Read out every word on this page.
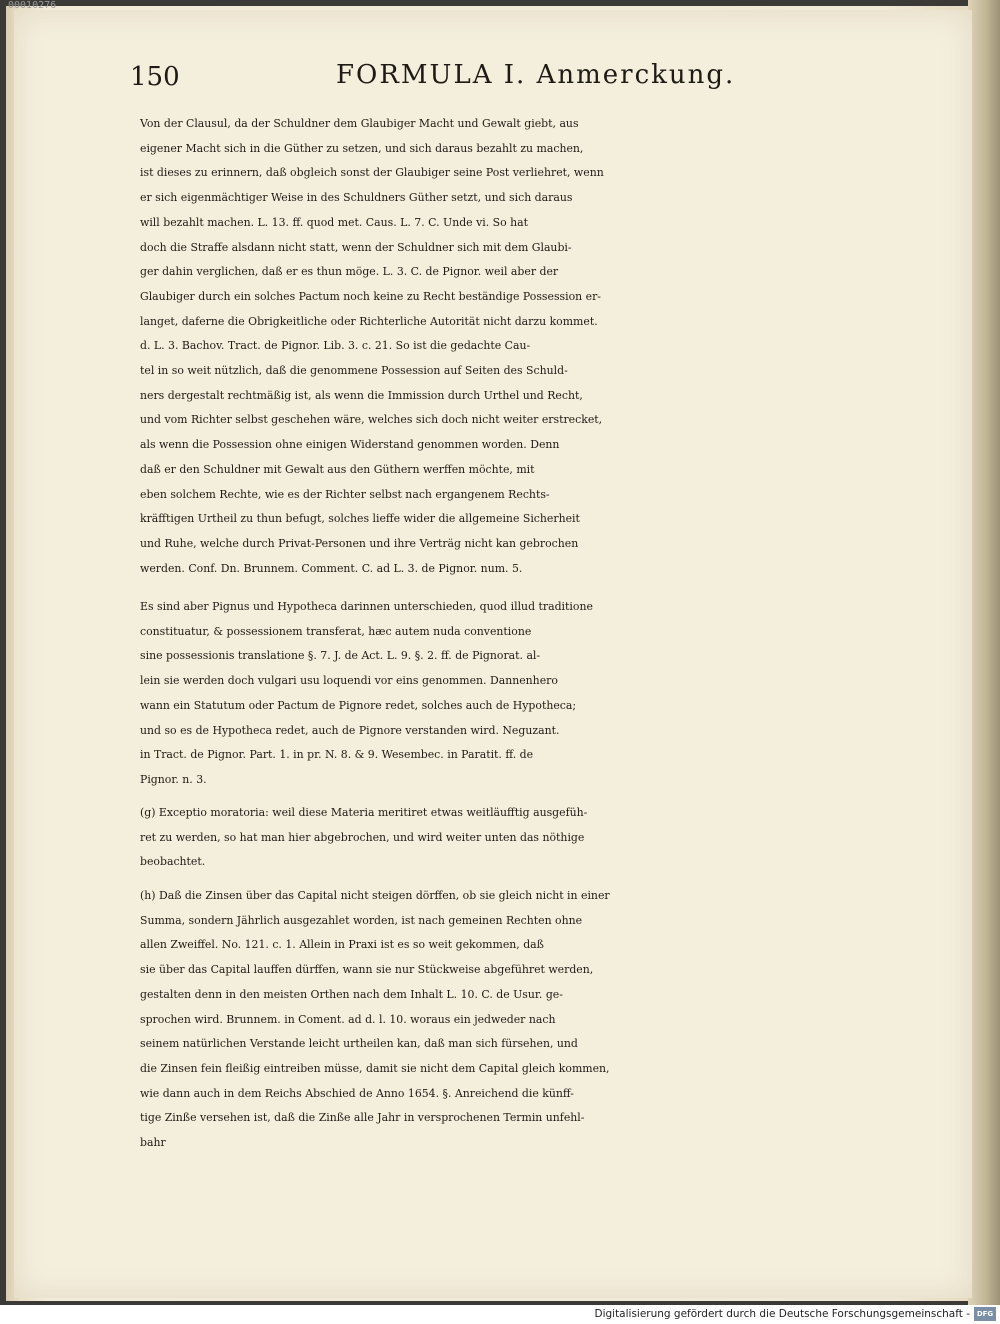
00010276
150	FORMULA I. Anmerckung.
Von der Clausul, da der Schuldner dem Glaubiger Macht und Gewalt giebt, aus
eigener Macht sich in die Güther zu setzen, und sich daraus bezahlt zu machen,
ist dieses zu erinnern, daß obgleich sonst der Glaubiger seine Post verliehret, wenn
er sich eigenmächtiger Weise in des Schuldners Güther setzt, und sich daraus
will bezahlt machen. L. 13. ff. quod met. Caus. L. 7. C. Unde vi. So hat
doch die Straffe alsdann nicht statt, wenn der Schuldner sich mit dem Glaubi-
ger dahin verglichen, daß er es thun möge. L. 3. C. de Pignor. weil aber der
Glaubiger durch ein solches Pactum noch keine zu Recht beständige Possession er-
langet, daferne die Obrigkeitliche oder Richterliche Autorität nicht darzu kommet.
d. L. 3. Bachov. Tract. de Pignor. Lib. 3. c. 21. So ist die gedachte Cau-
tel in so weit nützlich, daß die genommene Possession auf Seiten des Schuld-
ners dergestalt rechtmäßig ist, als wenn die Immission durch Urthel und Recht,
und vom Richter selbst geschehen wäre, welches sich doch nicht weiter erstrecket,
als wenn die Possession ohne einigen Widerstand genommen worden. Denn
daß er den Schuldner mit Gewalt aus den Güthern werffen möchte, mit
eben solchem Rechte, wie es der Richter selbst nach ergangenem Rechts-
kräfftigen Urtheil zu thun befugt, solches lieffe wider die allgemeine Sicherheit
und Ruhe, welche durch Privat-Personen und ihre Verträg nicht kan gebrochen
werden. Conf. Dn. Brunnem. Comment. C. ad L. 3. de Pignor. num. 5.
Es sind aber Pignus und Hypotheca darinnen unterschieden, quod illud traditione
constituatur, & possessionem transferat, hæc autem nuda conventione
sine possessionis translatione §. 7. J. de Act. L. 9. §. 2. ff. de Pignorat. al-
lein sie werden doch vulgari usu loquendi vor eins genommen. Dannenhero
wann ein Statutum oder Pactum de Pignore redet, solches auch de Hypotheca;
und so es de Hypotheca redet, auch de Pignore verstanden wird. Neguzant.
in Tract. de Pignor. Part. 1. in pr. N. 8. & 9. Wesembec. in Paratit. ff. de
Pignor. n. 3.
(g) Exceptio moratoria: weil diese Materia meritiret etwas weitläufftig ausgefüh-
ret zu werden, so hat man hier abgebrochen, und wird weiter unten das nöthige
beobachtet.
(h) Daß die Zinsen über das Capital nicht steigen dörffen, ob sie gleich nicht in einer
Summa, sondern Jährlich ausgezahlet worden, ist nach gemeinen Rechten ohne
allen Zweiffel. No. 121. c. 1. Allein in Praxi ist es so weit gekommen, daß
sie über das Capital lauffen dürffen, wann sie nur Stückweise abgeführet werden,
gestalten denn in den meisten Orthen nach dem Inhalt L. 10. C. de Usur. ge-
sprochen wird. Brunnem. in Coment. ad d. l. 10. woraus ein jedweder nach
seinem natürlichen Verstande leicht urtheilen kan, daß man sich fürsehen, und
die Zinsen fein fleißig eintreiben müsse, damit sie nicht dem Capital gleich kommen,
wie dann auch in dem Reichs Abschied de Anno 1654. §. Anreichend die künff-
tige Zinße versehen ist, daß die Zinße alle Jahr in versprochenen Termin unfehl-
bahr
Digitalisierung gefördert durch die Deutsche Forschungsgemeinschaft - DFG
